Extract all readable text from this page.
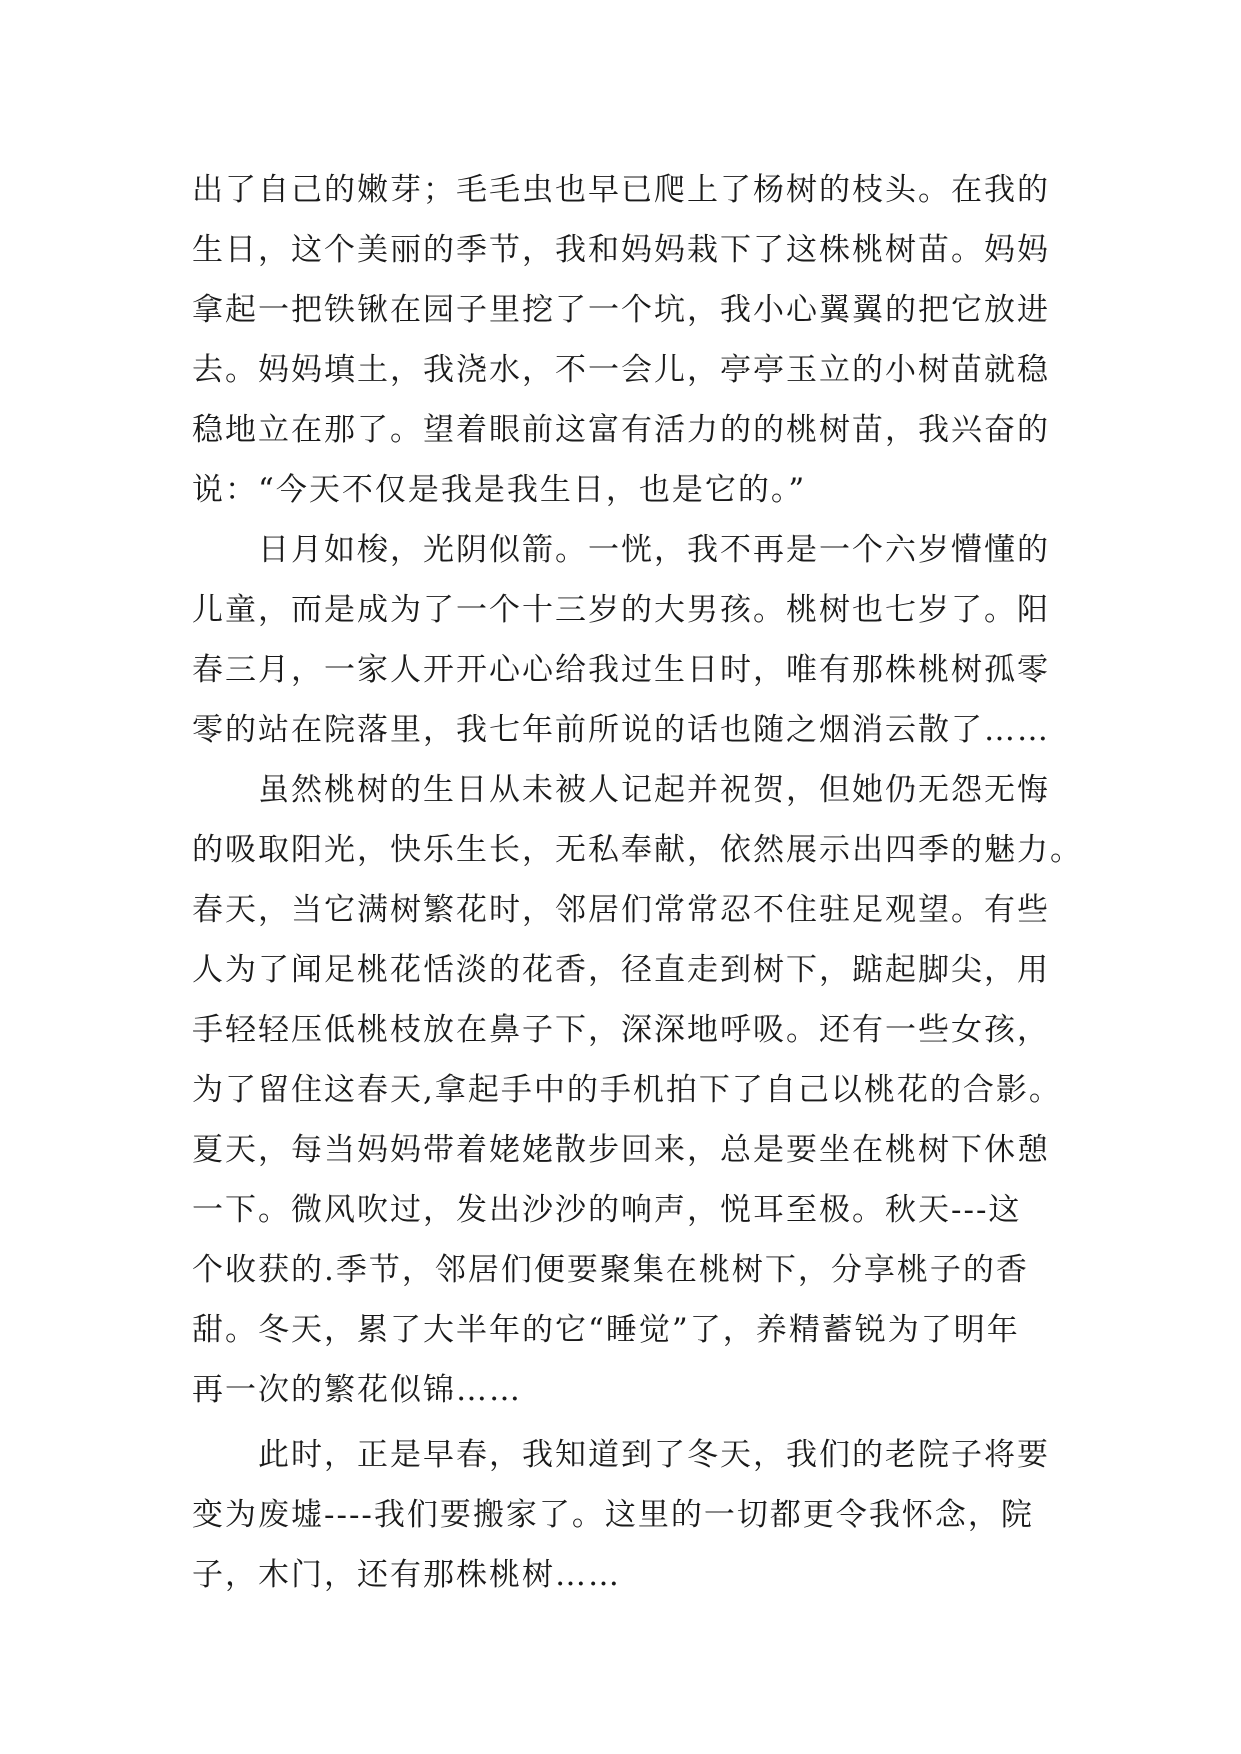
出了自己的嫩芽；毛毛虫也早已爬上了杨树的枝头。在我的
生日，这个美丽的季节，我和妈妈栽下了这株桃树苗。妈妈
拿起一把铁锹在园子里挖了一个坑，我小心翼翼的把它放进
去。妈妈填土，我浇水，不一会儿，亭亭玉立的小树苗就稳
稳地立在那了。望着眼前这富有活力的的桃树苗，我兴奋的
说：“今天不仅是我是我生日，也是它的。”
日月如梭，光阴似箭。一恍，我不再是一个六岁懵懂的
儿童，而是成为了一个十三岁的大男孩。桃树也七岁了。阳
春三月，一家人开开心心给我过生日时，唯有那株桃树孤零
零的站在院落里，我七年前所说的话也随之烟消云散了……
虽然桃树的生日从未被人记起并祝贺，但她仍无怨无悔
的吸取阳光，快乐生长，无私奉献，依然展示出四季的魅力。
春天，当它满树繁花时，邻居们常常忍不住驻足观望。有些
人为了闻足桃花恬淡的花香，径直走到树下，踮起脚尖，用
手轻轻压低桃枝放在鼻子下，深深地呼吸。还有一些女孩，
为了留住这春天,拿起手中的手机拍下了自己以桃花的合影。
夏天，每当妈妈带着姥姥散步回来，总是要坐在桃树下休憩
一下。微风吹过，发出沙沙的响声，悦耳至极。秋天---这
个收获的.季节，邻居们便要聚集在桃树下，分享桃子的香
甜。冬天，累了大半年的它“睡觉”了，养精蓄锐为了明年
再一次的繁花似锦……
此时，正是早春，我知道到了冬天，我们的老院子将要
变为废墟----我们要搬家了。这里的一切都更令我怀念，院
子，木门，还有那株桃树……
